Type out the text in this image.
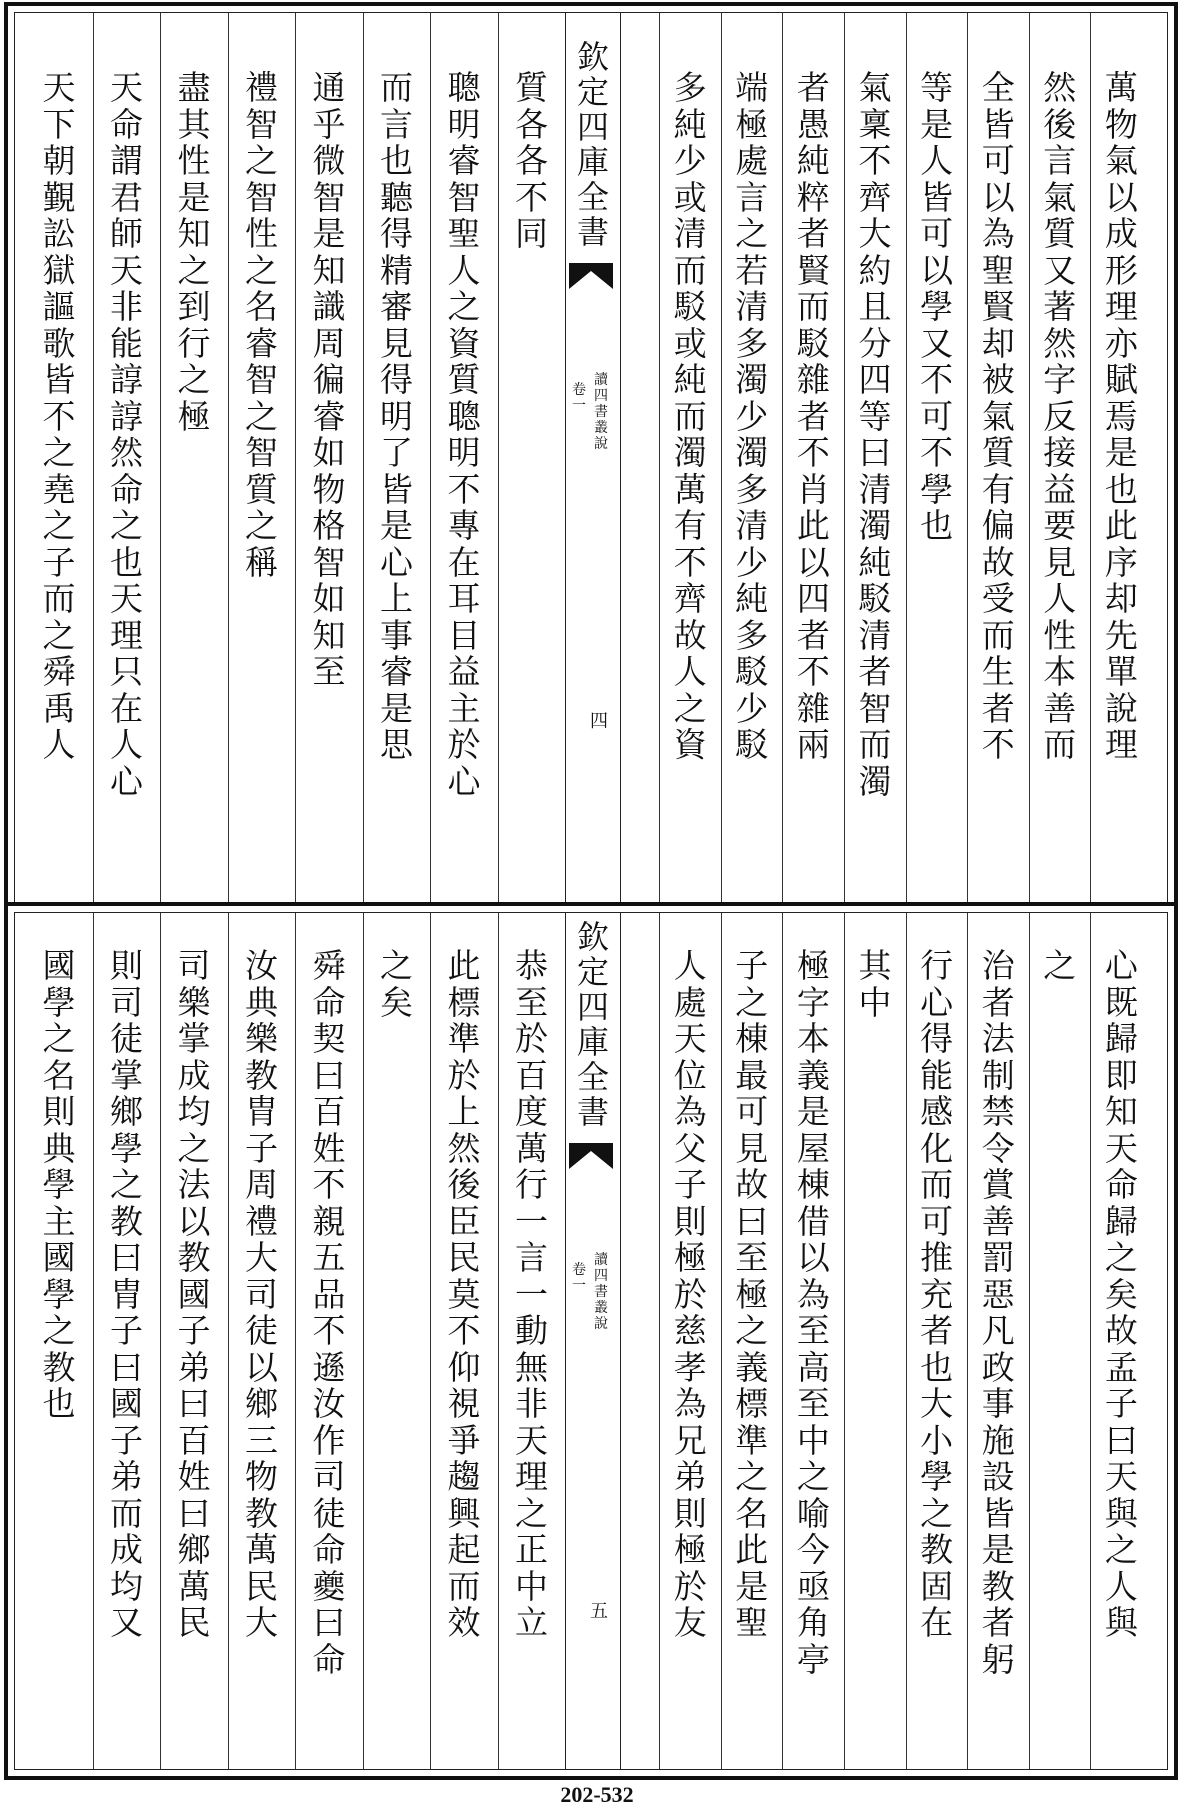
欽
定
四
庫
全
書
讀
四
書
叢
說
卷
一
四
萬
物
氣
以
成
形
理
亦
賦
焉
是
也
此
序
却
先
單
說
理
然
後
言
氣
質
又
著
然
字
反
接
益
要
見
人
性
本
善
而
全
皆
可
以
為
聖
賢
却
被
氣
質
有
偏
故
受
而
生
者
不
等
是
人
皆
可
以
學
又
不
可
不
學
也
氣
稟
不
齊
大
約
且
分
四
等
曰
清
濁
純
駁
清
者
智
而
濁
者
愚
純
粹
者
賢
而
駁
雜
者
不
肖
此
以
四
者
不
雜
兩
端
極
處
言
之
若
清
多
濁
少
濁
多
清
少
純
多
駁
少
駁
多
純
少
或
清
而
駁
或
純
而
濁
萬
有
不
齊
故
人
之
資
質
各
各
不
同
聰
明
睿
智
聖
人
之
資
質
聰
明
不
專
在
耳
目
益
主
於
心
而
言
也
聽
得
精
審
見
得
明
了
皆
是
心
上
事
睿
是
思
通
乎
微
智
是
知
識
周
徧
睿
如
物
格
智
如
知
至
禮
智
之
智
性
之
名
睿
智
之
智
質
之
稱
盡
其
性
是
知
之
到
行
之
極
天
命
謂
君
師
天
非
能
諄
諄
然
命
之
也
天
理
只
在
人
心
天
下
朝
覲
訟
獄
謳
歌
皆
不
之
堯
之
子
而
之
舜
禹
人
欽
定
四
庫
全
書
讀
四
書
叢
說
卷
一
五
心
既
歸
即
知
天
命
歸
之
矣
故
孟
子
曰
天
與
之
人
與
之
治
者
法
制
禁
令
賞
善
罰
惡
凡
政
事
施
設
皆
是
教
者
躬
行
心
得
能
感
化
而
可
推
充
者
也
大
小
學
之
教
固
在
其
中
極
字
本
義
是
屋
棟
借
以
為
至
高
至
中
之
喻
今
亟
角
亭
子
之
棟
最
可
見
故
曰
至
極
之
義
標
準
之
名
此
是
聖
人
處
天
位
為
父
子
則
極
於
慈
孝
為
兄
弟
則
極
於
友
恭
至
於
百
度
萬
行
一
言
一
動
無
非
天
理
之
正
中
立
此
標
準
於
上
然
後
臣
民
莫
不
仰
視
爭
趨
興
起
而
效
之
矣
舜
命
契
曰
百
姓
不
親
五
品
不
遜
汝
作
司
徒
命
夔
曰
命
汝
典
樂
教
胄
子
周
禮
大
司
徒
以
鄉
三
物
教
萬
民
大
司
樂
掌
成
均
之
法
以
教
國
子
弟
曰
百
姓
曰
鄉
萬
民
則
司
徒
掌
鄉
學
之
教
曰
胄
子
曰
國
子
弟
而
成
均
又
國
學
之
名
則
典
學
主
國
學
之
教
也
202-532
